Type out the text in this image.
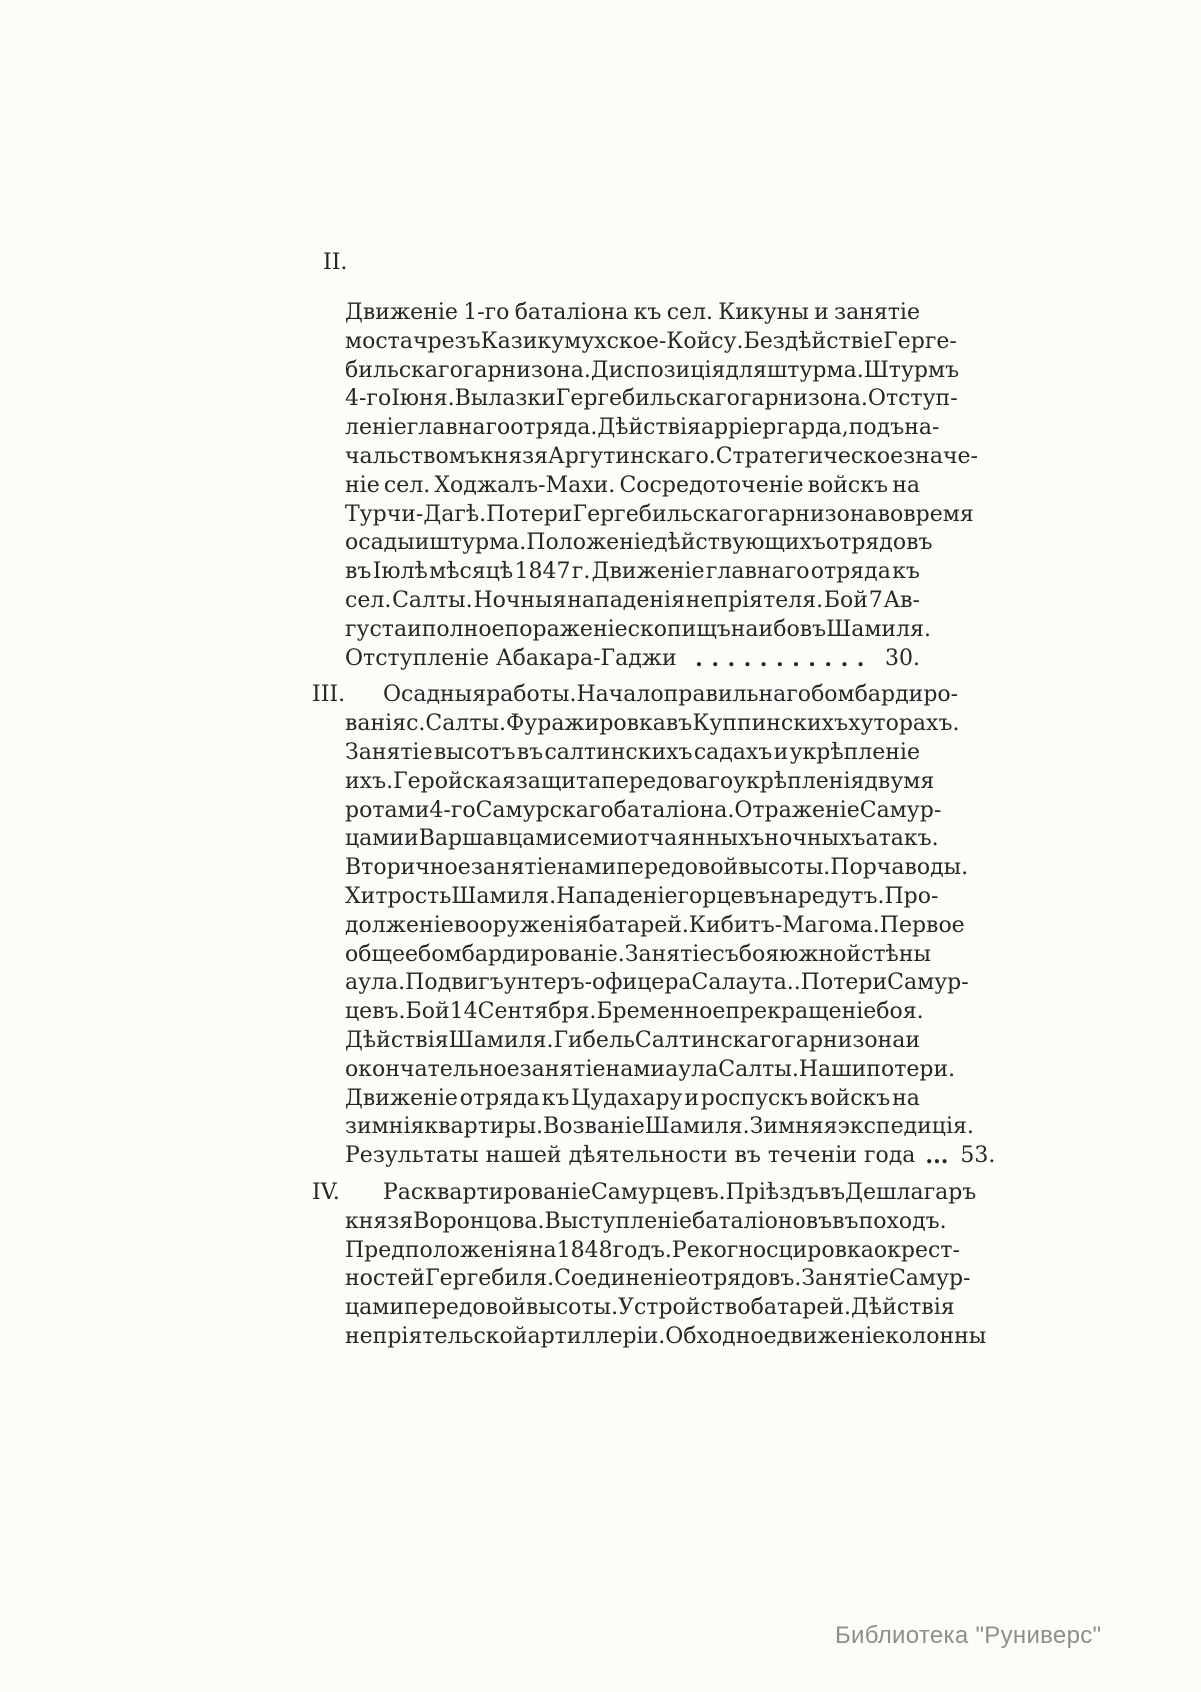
II.
Движеніе 1-го баталіона къ сел. Кикуны и занятіе
моста чрезъ Казикумухское-Койсу. Бездѣйствіе Герге-
бильскаго гарнизона. Диспозиція для штурма. Штурмъ
4-го Іюня. Вылазки Гергебильскаго гарнизона. Отступ-
леніе главнаго отряда. Дѣйствія арріергарда, подъ на-
чальствомъ князя Аргутинскаго. Стратегическое значе-
ніе сел. Ходжалъ-Махи. Сосредоточеніе войскъ на
Турчи-Дагѣ. Потери Гергебильскаго гарнизона во время
осады и штурма. Положеніе дѣйствующихъ отрядовъ
въ Іюлѣ мѣсяцѣ 1847 г. Движеніе главнаго отряда къ
сел. Салты. Ночныя нападенія непріятеля. Бой 7 Ав-
густа и полное пораженіе скопищъ наибовъ Шамиля.
Отступленіе Абакара-Гаджи . . . . . . . . . . . 30.
III. Осадныя работы. Начало правильнаго бомбардиро-
ванія с. Салты. Фуражировка въ Куппинскихъ хуторахъ.
Занятіе высотъ въ салтинскихъ садахъ и укрѣпленіе
ихъ. Геройская защита передоваго укрѣпленія двумя
ротами 4-го Самурскаго баталіона. Отраженіе Самур-
цами и Варшавцами семи отчаянныхъ ночныхъ атакъ.
Вторичное занятіе нами передовой высоты. Порча воды.
Хитрость Шамиля. Нападеніе горцевъ на редутъ. Про-
долженіе вооруженія батарей. Кибитъ-Магома. Первое
общее бомбардированіе. Занятіе съ боя южной стѣны
аула. Подвигъ унтеръ-офицера Салаута.. Потери Самур-
цевъ. Бой 14 Сентября. Бременное прекращеніе боя.
Дѣйствія Шамиля. Гибель Салтинскаго гарнизона и
окончательное занятіе нами аула Салты. Наши потери.
Движеніе отряда къ Цудахару и роспускъ войскъ на
зимнія квартиры. Возваніе Шамиля. Зимняя экспедиція.
Результаты нашей дѣятельности въ теченіи года . . . 53.
IV. Расквартированіе Самурцевъ. Пріѣздъ въ Дешлагаръ
князя Воронцова. Выступленіе баталіоновъ въ походъ.
Предположенія на 1848 годъ. Рекогносцировка окрест-
ностей Гергебиля. Соединеніе отрядовъ. Занятіе Самур-
цами передовой высоты. Устройство батарей. Дѣйствія
непріятельской артиллеріи. Обходное движеніе колонны
Библиотека "Руниверс"
